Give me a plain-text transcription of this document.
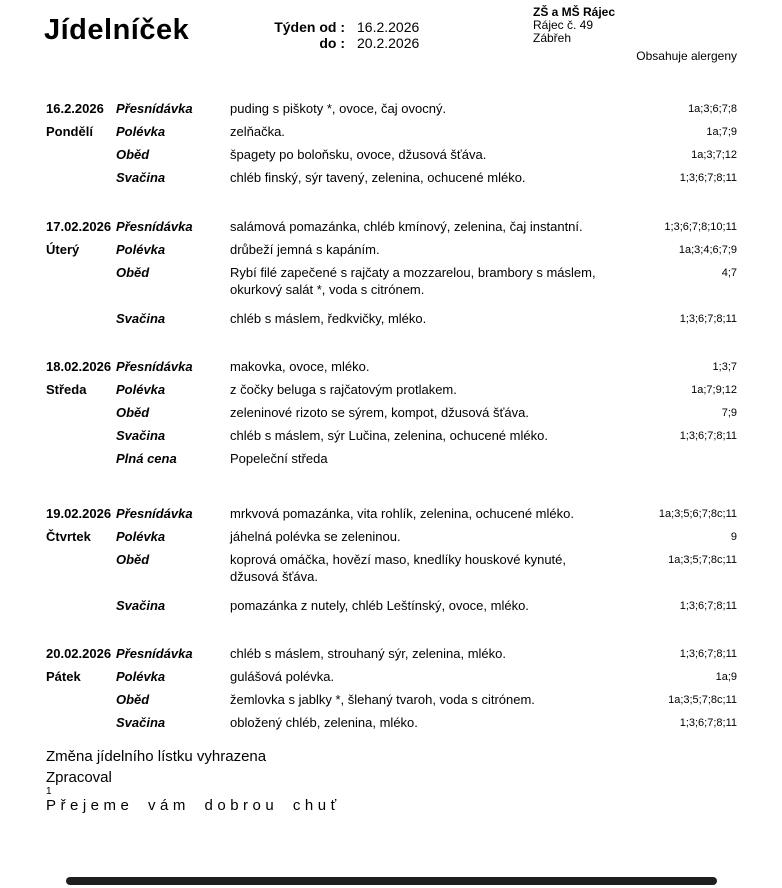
Jídelníček	Týden od : 16.2.2026
do : 20.2.2026
ZŠ a MŠ Rájec
Rájec č. 49
Zábřeh
Obsahuje alergeny
16.2.2026 Přesnídávka	puding s piškoty *, ovoce, čaj ovocný.	1a;3;6;7;8
Pondělí	Polévka	zelňačka.	1a;7;9
Oběd	špagety po boloňsku, ovoce, džusová šťáva.	1a;3;7;12
Svačina	chléb finský, sýr tavený, zelenina, ochucené mléko.	1;3;6;7;8;11
17.02.2026 Přesnídávka	salámová pomazánka, chléb kmínový, zelenina, čaj instantní.	1;3;6;7;8;10;11
Úterý	Polévka	drůbeží jemná s kapáním.	1a;3;4;6;7;9
Oběd	Rybí filé zapečené s rajčaty a mozzarelou, brambory s máslem, okurkový salát *, voda s citrónem.
4;7
Svačina	chléb s máslem, ředkvičky, mléko.	1;3;6;7;8;11
18.02.2026 Přesnídávka	makovka, ovoce, mléko.	1;3;7
Středa	Polévka	z čočky beluga s rajčatovým protlakem.	1a;7;9;12
Oběd	zeleninové rizoto se sýrem, kompot, džusová šťáva.	7;9
Svačina	chléb s máslem, sýr Lučina, zelenina, ochucené mléko.	1;3;6;7;8;11
Plná cena	Popeleční středa
19.02.2026 Přesnídávka	mrkvová pomazánka, vita rohlík, zelenina, ochucené mléko.	1a;3;5;6;7;8c;11
Čtvrtek	Polévka	jáhelná polévka se zeleninou.	9
Oběd	koprová omáčka, hovězí maso, knedlíky houskové kynuté, džusová šťáva.
1a;3;5;7;8c;11
Svačina	pomazánka z nutely, chléb Leštínský, ovoce, mléko.	1;3;6;7;8;11
20.02.2026 Přesnídávka	chléb s máslem, strouhaný sýr, zelenina, mléko.	1;3;6;7;8;11
Pátek	Polévka	gulášová polévka.	1a;9
Oběd	žemlovka s jablky *, šlehaný tvaroh, voda s citrónem.	1a;3;5;7;8c;11
Svačina	obložený chléb, zelenina, mléko.	1;3;6;7;8;11
Změna jídelního lístku vyhrazena
Zpracoval
1
Přejeme vám dobrou chuť
